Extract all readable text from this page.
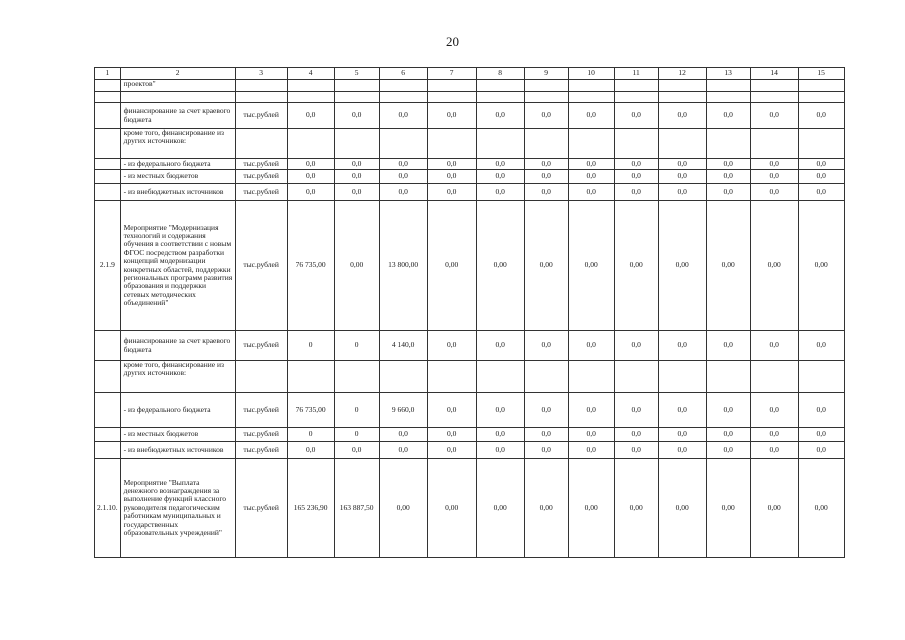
20
1	2	3	4	5	6	7	8	9	10	11	12	13	14	15
	проектов"													

	финансирование за счет краевого бюджета	тыс.рублей	0,0	0,0	0,0	0,0	0,0	0,0	0,0	0,0	0,0	0,0	0,0	0,0
	кроме того, финансирование из других источников:													
	- из федерального бюджета	тыс.рублей	0,0	0,0	0,0	0,0	0,0	0,0	0,0	0,0	0,0	0,0	0,0	0,0
	- из местных бюджетов	тыс.рублей	0,0	0,0	0,0	0,0	0,0	0,0	0,0	0,0	0,0	0,0	0,0	0,0
	- из внебюджетных источников	тыс.рублей	0,0	0,0	0,0	0,0	0,0	0,0	0,0	0,0	0,0	0,0	0,0	0,0
2.1.9	Мероприятие "Модернизация технологий и содержания обучения в соответствии с новым ФГОС посредством разработки концепций модернизации конкретных областей, поддержки региональных программ развития образования и поддержки сетевых методических объединений"	тыс.рублей	76 735,00	0,00	13 800,00	0,00	0,00	0,00	0,00	0,00	0,00	0,00	0,00	0,00
	финансирование за счет краевого бюджета	тыс.рублей	0	0	4 140,0	0,0	0,0	0,0	0,0	0,0	0,0	0,0	0,0	0,0
	кроме того, финансирование из других источников:													
	- из федерального бюджета	тыс.рублей	76 735,00	0	9 660,0	0,0	0,0	0,0	0,0	0,0	0,0	0,0	0,0	0,0
	- из местных бюджетов	тыс.рублей	0	0	0,0	0,0	0,0	0,0	0,0	0,0	0,0	0,0	0,0	0,0
	- из внебюджетных источников	тыс.рублей	0,0	0,0	0,0	0,0	0,0	0,0	0,0	0,0	0,0	0,0	0,0	0,0
2.1.10.	Мероприятие "Выплата денежного вознаграждения за выполнение функций классного руководителя педагогическим работникам муниципальных и государственных образовательных учреждений"	тыс.рублей	165 236,90	163 887,50	0,00	0,00	0,00	0,00	0,00	0,00	0,00	0,00	0,00	0,00
